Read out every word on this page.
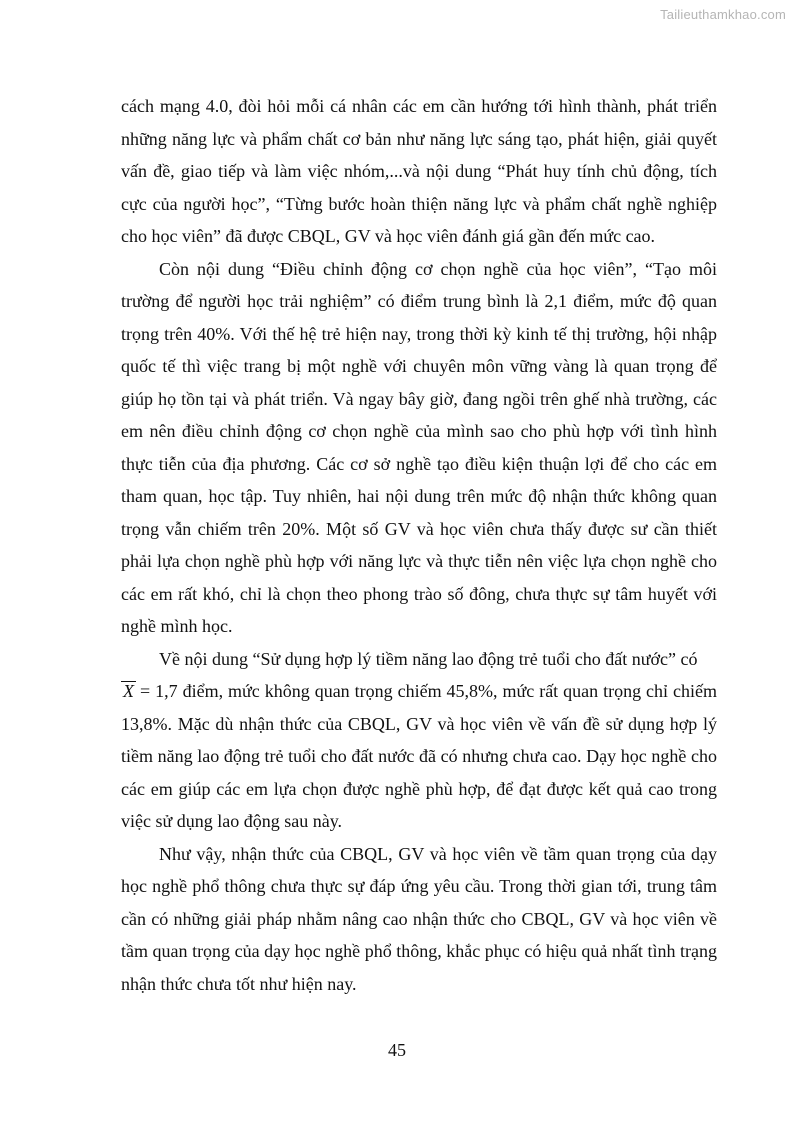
Tailieuthamkhao.com

cách mạng 4.0, đòi hỏi mỗi cá nhân các em cần hướng tới hình thành, phát triển những năng lực và phẩm chất cơ bản như năng lực sáng tạo, phát hiện, giải quyết vấn đề, giao tiếp và làm việc nhóm,...và nội dung “Phát huy tính chủ động, tích cực của người học”, “Từng bước hoàn thiện năng lực và phẩm chất nghề nghiệp cho học viên” đã được CBQL, GV và học viên đánh giá gần đến mức cao.

Còn nội dung “Điều chỉnh động cơ chọn nghề của học viên”, “Tạo môi trường để người học trải nghiệm” có điểm trung bình là 2,1 điểm, mức độ quan trọng trên 40%. Với thế hệ trẻ hiện nay, trong thời kỳ kinh tế thị trường, hội nhập quốc tế thì việc trang bị một nghề với chuyên môn vững vàng là quan trọng để giúp họ tồn tại và phát triển. Và ngay bây giờ, đang ngồi trên ghế nhà trường, các em nên điều chỉnh động cơ chọn nghề của mình sao cho phù hợp với tình hình thực tiễn của địa phương. Các cơ sở nghề tạo điều kiện thuận lợi để cho các em tham quan, học tập. Tuy nhiên, hai nội dung trên mức độ nhận thức không quan trọng vẫn chiếm trên 20%. Một số GV và học viên chưa thấy được sư cần thiết phải lựa chọn nghề phù hợp với năng lực và thực tiễn nên việc lựa chọn nghề cho các em rất khó, chỉ là chọn theo phong trào số đông, chưa thực sự tâm huyết với nghề mình học.

Về nội dung “Sử dụng hợp lý tiềm năng lao động trẻ tuổi cho đất nước” có

X = 1,7 điểm, mức không quan trọng chiếm 45,8%, mức rất quan trọng chỉ chiếm 13,8%. Mặc dù nhận thức của CBQL, GV và học viên về vấn đề sử dụng hợp lý tiềm năng lao động trẻ tuổi cho đất nước đã có nhưng chưa cao. Dạy học nghề cho các em giúp các em lựa chọn được nghề phù hợp, để đạt được kết quả cao trong việc sử dụng lao động sau này.

Như vậy, nhận thức của CBQL, GV và học viên về tầm quan trọng của dạy học nghề phổ thông chưa thực sự đáp ứng yêu cầu. Trong thời gian tới, trung tâm cần có những giải pháp nhằm nâng cao nhận thức cho CBQL, GV và học viên về tầm quan trọng của dạy học nghề phổ thông, khắc phục có hiệu quả nhất tình trạng nhận thức chưa tốt như hiện nay.

45
